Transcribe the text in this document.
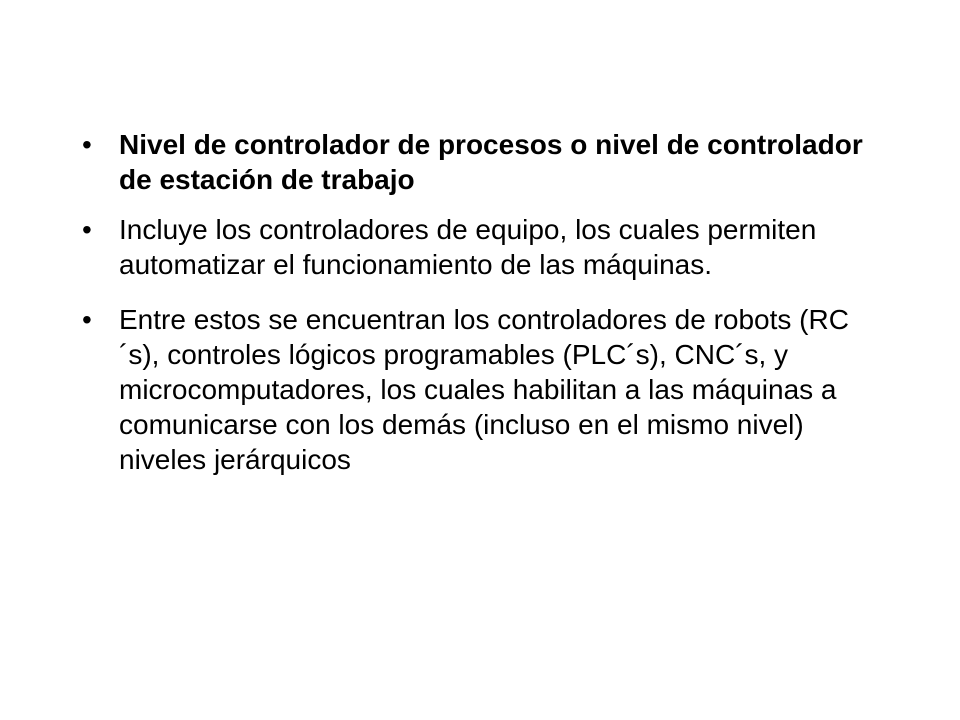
• Nivel de controlador de procesos o nivel de controlador de estación de trabajo
• Incluye los controladores de equipo, los cuales permiten automatizar el funcionamiento de las máquinas.
• Entre estos se encuentran los controladores de robots (RC´s), controles lógicos programables (PLC´s), CNC´s, y microcomputadores, los cuales habilitan a las máquinas a comunicarse con los demás (incluso en el mismo nivel) niveles jerárquicos
